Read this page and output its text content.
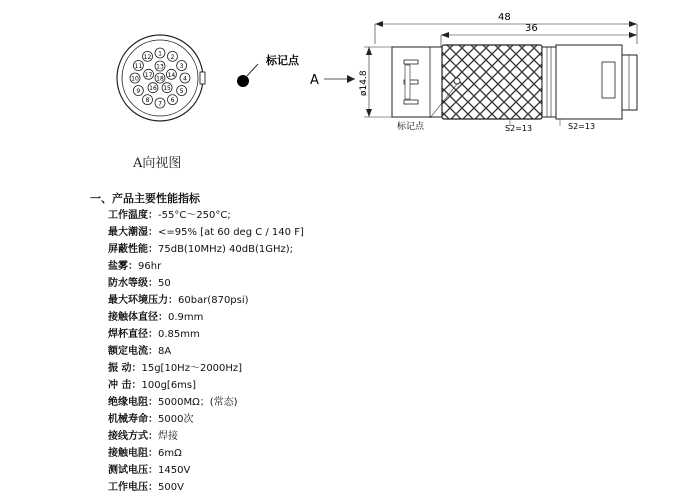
1 2
3
4
5
6
7
8
9
10
11
12
13
14
15
16
17
18
标记点
A
48
36
ø14.8
标记点	S2=13	S2=13
A向视图
一、产品主要性能指标
工作温度：-55°C～250°C;
最大潮湿：<=95% [at 60 deg C / 140 F]
屏蔽性能：75dB(10MHz) 40dB(1GHz);
盐雾：96hr
防水等级：50
最大环境压力：60bar(870psi)
接触体直径：0.9mm
焊杯直径：0.85mm
额定电流：8A
振 动：15g[10Hz～2000Hz]
冲 击：100g[6ms]
绝缘电阻：5000MΩ；(常态)
机械寿命：5000次
接线方式：焊接
接触电阻：6mΩ
测试电压：1450V
工作电压：500V
